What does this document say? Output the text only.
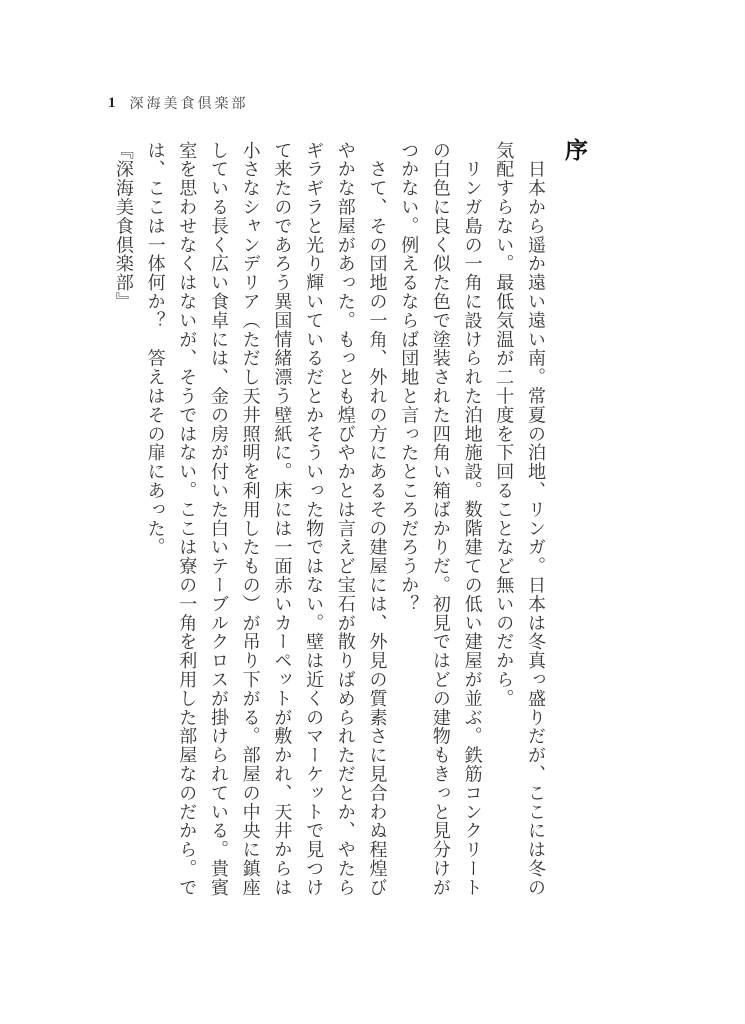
1 深海美食倶楽部
序

　日本から遥か遠い遠い南。常夏の泊地、リンガ。日本は冬真っ盛りだが、ここには冬の気配すらない。最低気温が二十度を下回ることなど無いのだから。

　リンガ島の一角に設けられた泊地施設。数階建ての低い建屋が並ぶ。鉄筋コンクリートの白色に良く似た色で塗装された四角い箱ばかりだ。初見ではどの建物もきっと見分けがつかない。例えるならば団地と言ったところだろうか？

　さて、その団地の一角、外れの方にあるその建屋には、外見の質素さに見合わぬ程煌びやかな部屋があった。もっとも煌びやかとは言えど宝石が散りばめられただとか、やたらギラギラと光り輝いているだとかそういった物ではない。壁は近くのマーケットで見つけて来たのであろう異国情緒漂う壁紙に。床には一面赤いカーペットが敷かれ、天井からは小さなシャンデリア（ただし天井照明を利用したもの）が吊り下がる。部屋の中央に鎮座している長く広い食卓には、金の房が付いた白いテーブルクロスが掛けられている。貴賓室を思わせなくはないが、そうではない。ここは寮の一角を利用した部屋なのだから。では、ここは一体何か？　答えはその扉にあった。

『深海美食倶楽部』
